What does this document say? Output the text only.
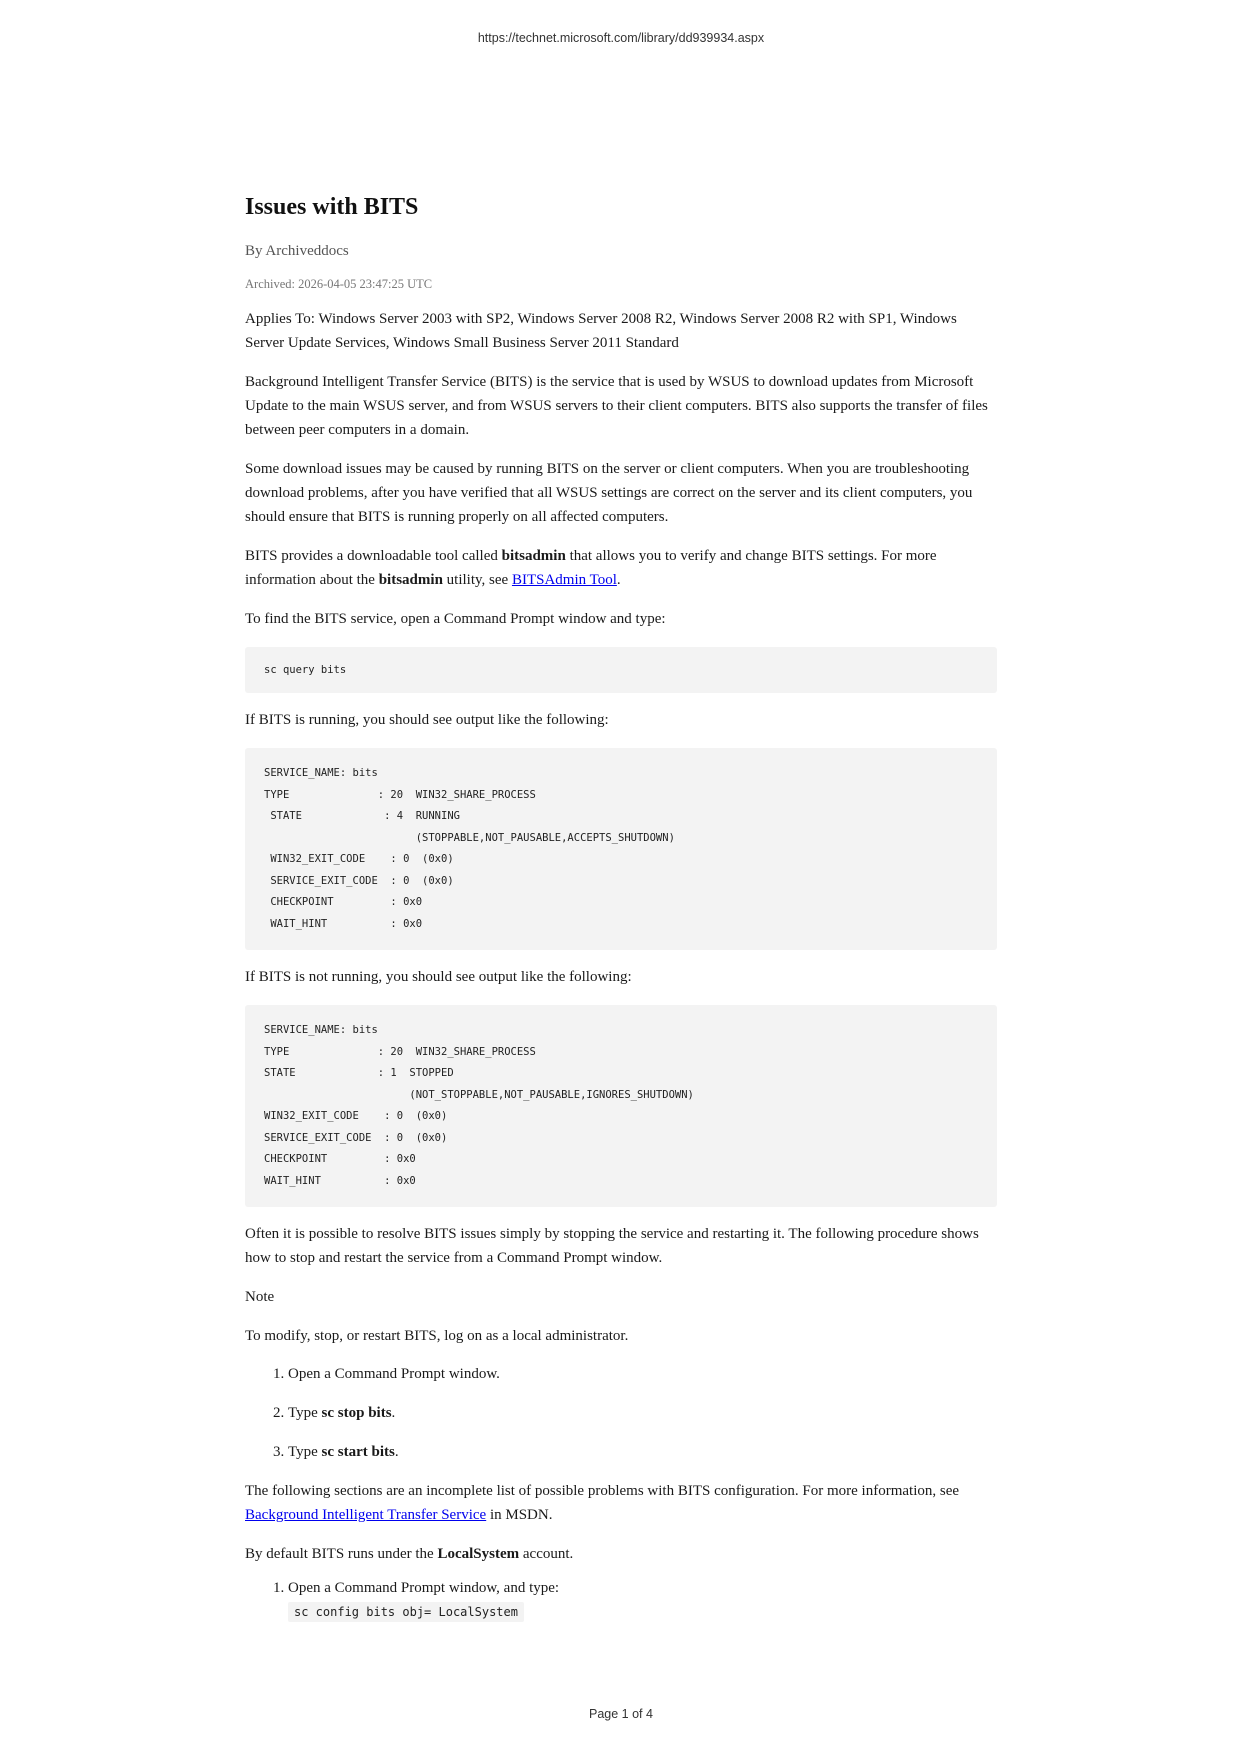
https://technet.microsoft.com/library/dd939934.aspx
Issues with BITS
By Archiveddocs
Archived: 2026-04-05 23:47:25 UTC

Applies To: Windows Server 2003 with SP2, Windows Server 2008 R2, Windows Server 2008 R2 with SP1, Windows Server Update Services, Windows Small Business Server 2011 Standard

Background Intelligent Transfer Service (BITS) is the service that is used by WSUS to download updates from Microsoft Update to the main WSUS server, and from WSUS servers to their client computers. BITS also supports the transfer of files between peer computers in a domain.

Some download issues may be caused by running BITS on the server or client computers. When you are troubleshooting download problems, after you have verified that all WSUS settings are correct on the server and its client computers, you should ensure that BITS is running properly on all affected computers.

BITS provides a downloadable tool called bitsadmin that allows you to verify and change BITS settings. For more information about the bitsadmin utility, see BITSAdmin Tool.

To find the BITS service, open a Command Prompt window and type:

sc query bits

If BITS is running, you should see output like the following:

SERVICE_NAME: bits
TYPE              : 20  WIN32_SHARE_PROCESS
STATE             : 4  RUNNING
(STOPPABLE,NOT_PAUSABLE,ACCEPTS_SHUTDOWN)
WIN32_EXIT_CODE    : 0  (0x0)
SERVICE_EXIT_CODE  : 0  (0x0)
CHECKPOINT         : 0x0
WAIT_HINT          : 0x0

If BITS is not running, you should see output like the following:

SERVICE_NAME: bits
TYPE              : 20  WIN32_SHARE_PROCESS
STATE             : 1  STOPPED
(NOT_STOPPABLE,NOT_PAUSABLE,IGNORES_SHUTDOWN)
WIN32_EXIT_CODE    : 0  (0x0)
SERVICE_EXIT_CODE  : 0  (0x0)
CHECKPOINT         : 0x0
WAIT_HINT          : 0x0

Often it is possible to resolve BITS issues simply by stopping the service and restarting it. The following procedure shows how to stop and restart the service from a Command Prompt window.

Note

To modify, stop, or restart BITS, log on as a local administrator.

1. Open a Command Prompt window.
2. Type sc stop bits.
3. Type sc start bits.

The following sections are an incomplete list of possible problems with BITS configuration. For more information, see Background Intelligent Transfer Service in MSDN.

By default BITS runs under the LocalSystem account.

1. Open a Command Prompt window, and type:
sc config bits obj= LocalSystem
Page 1 of 4
